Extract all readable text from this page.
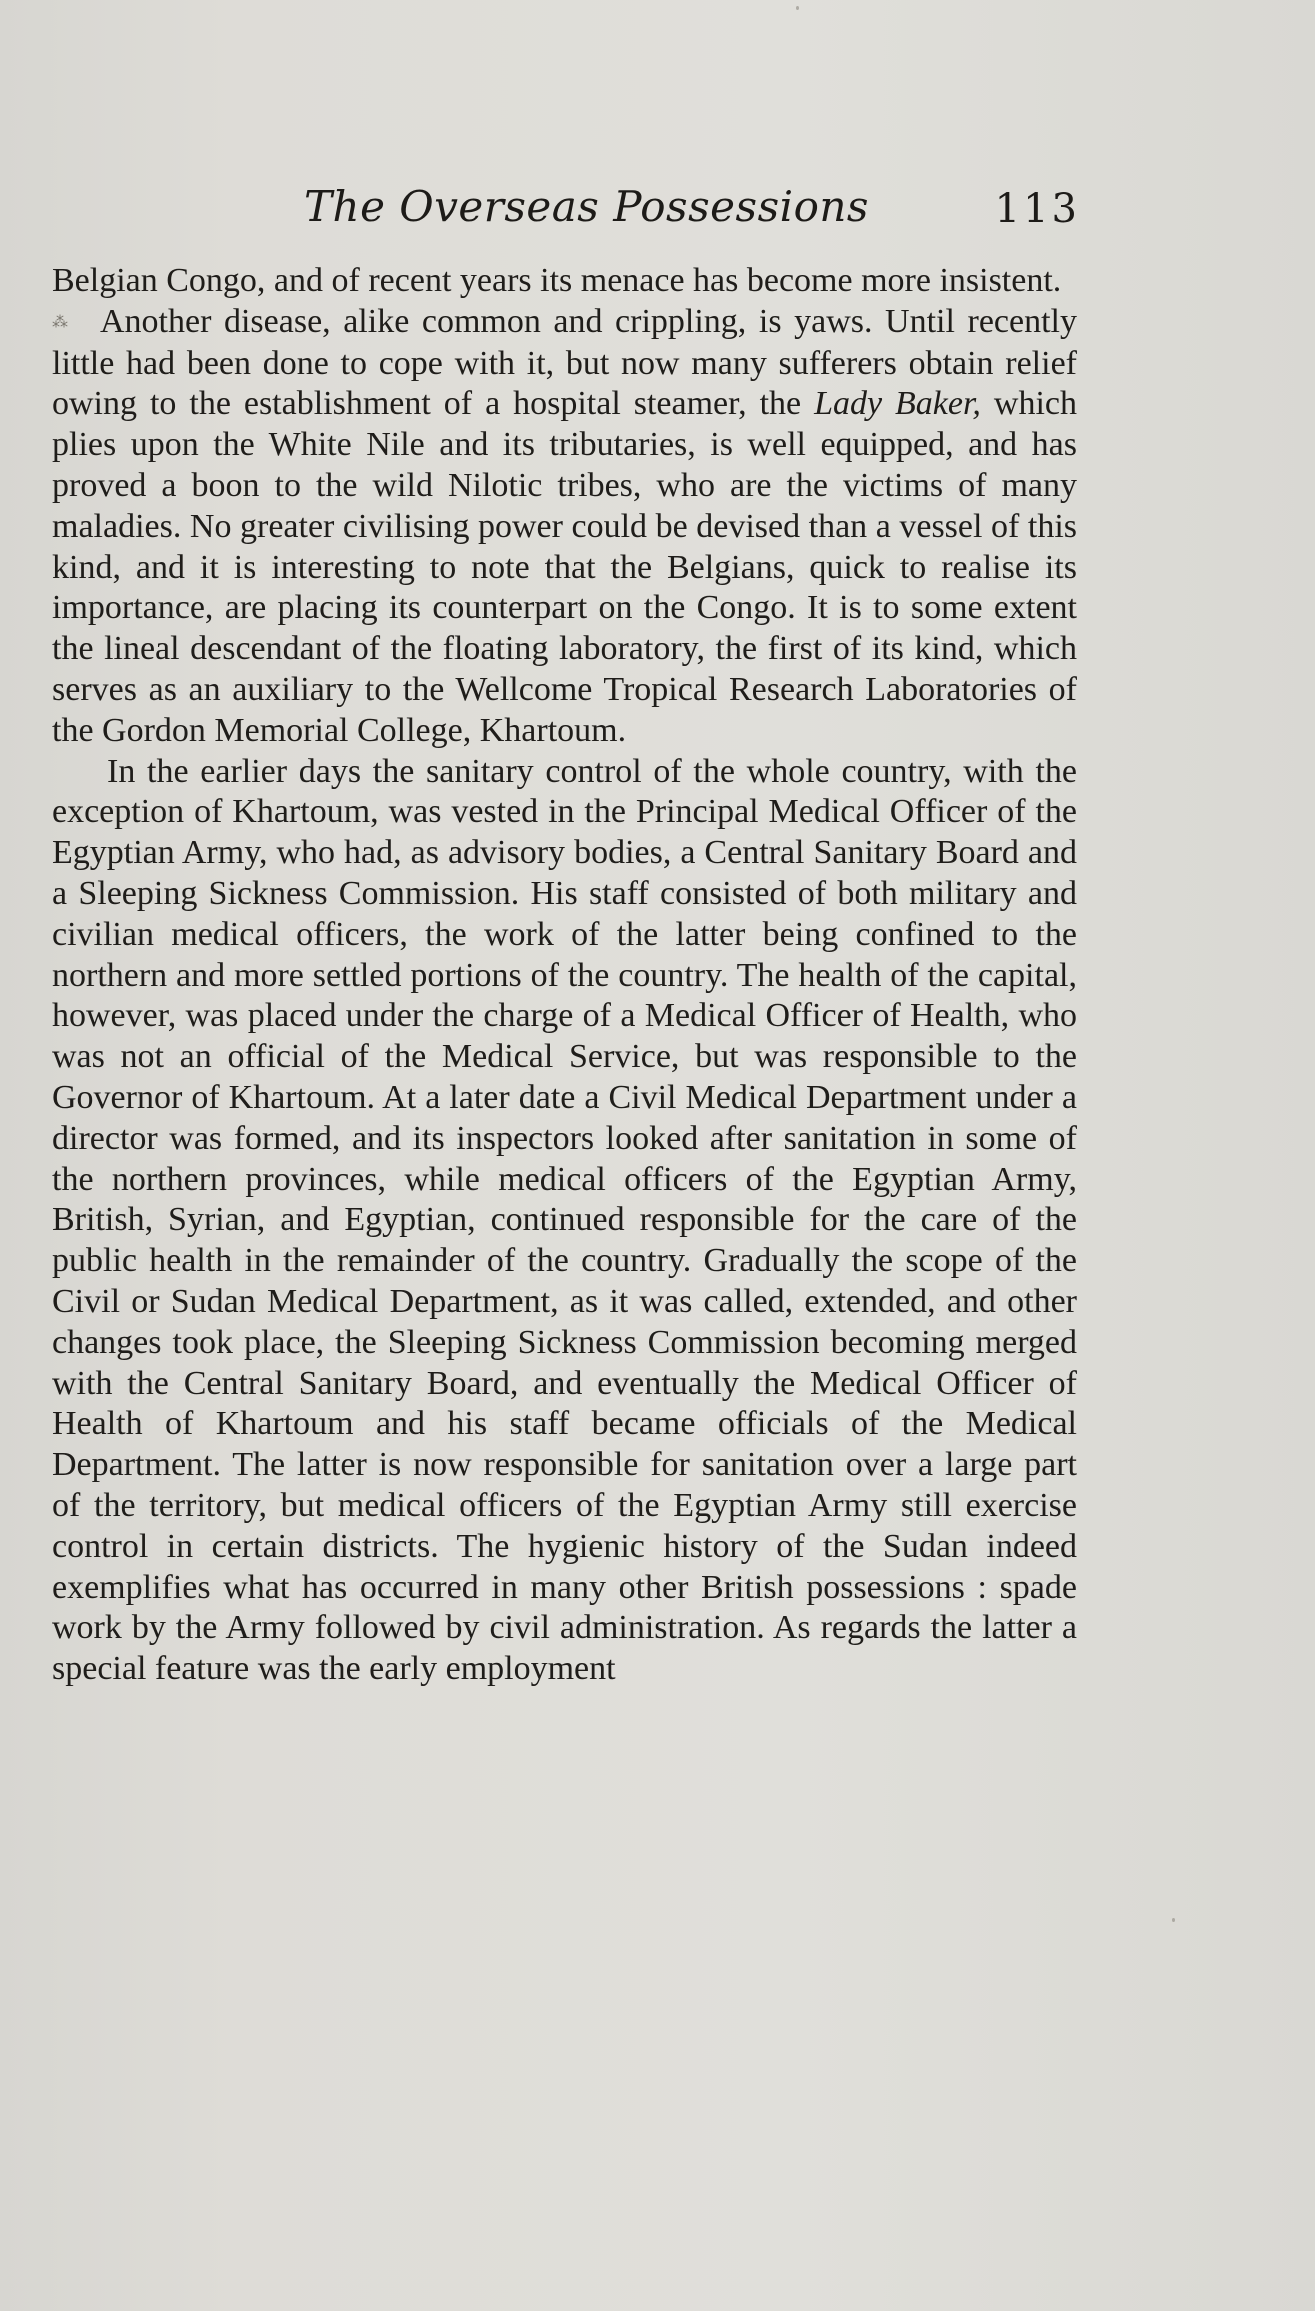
The Overseas Possessions	113

Belgian Congo, and of recent years its menace has become more insistent.

⁂ Another disease, alike common and crippling, is yaws. Until recently little had been done to cope with it, but now many sufferers obtain relief owing to the establishment of a hospital steamer, the Lady Baker, which plies upon the White Nile and its tributaries, is well equipped, and has proved a boon to the wild Nilotic tribes, who are the victims of many maladies. No greater civilising power could be devised than a vessel of this kind, and it is interesting to note that the Belgians, quick to realise its importance, are placing its counterpart on the Congo. It is to some extent the lineal descendant of the floating laboratory, the first of its kind, which serves as an auxiliary to the Wellcome Tropical Research Laboratories of the Gordon Memorial College, Khartoum.

In the earlier days the sanitary control of the whole country, with the exception of Khartoum, was vested in the Principal Medical Officer of the Egyptian Army, who had, as advisory bodies, a Central Sanitary Board and a Sleeping Sickness Commission. His staff consisted of both military and civilian medical officers, the work of the latter being confined to the northern and more settled portions of the country. The health of the capital, however, was placed under the charge of a Medical Officer of Health, who was not an official of the Medical Service, but was responsible to the Governor of Khartoum. At a later date a Civil Medical Department under a director was formed, and its inspectors looked after sanitation in some of the northern provinces, while medical officers of the Egyptian Army, British, Syrian, and Egyptian, continued responsible for the care of the public health in the remainder of the country. Gradually the scope of the Civil or Sudan Medical Department, as it was called, extended, and other changes took place, the Sleeping Sickness Commission becoming merged with the Central Sanitary Board, and eventually the Medical Officer of Health of Khartoum and his staff became officials of the Medical Department. The latter is now responsible for sanitation over a large part of the territory, but medical officers of the Egyptian Army still exercise control in certain districts. The hygienic history of the Sudan indeed exemplifies what has occurred in many other British possessions : spade work by the Army followed by civil administration. As regards the latter a special feature was the early employment
